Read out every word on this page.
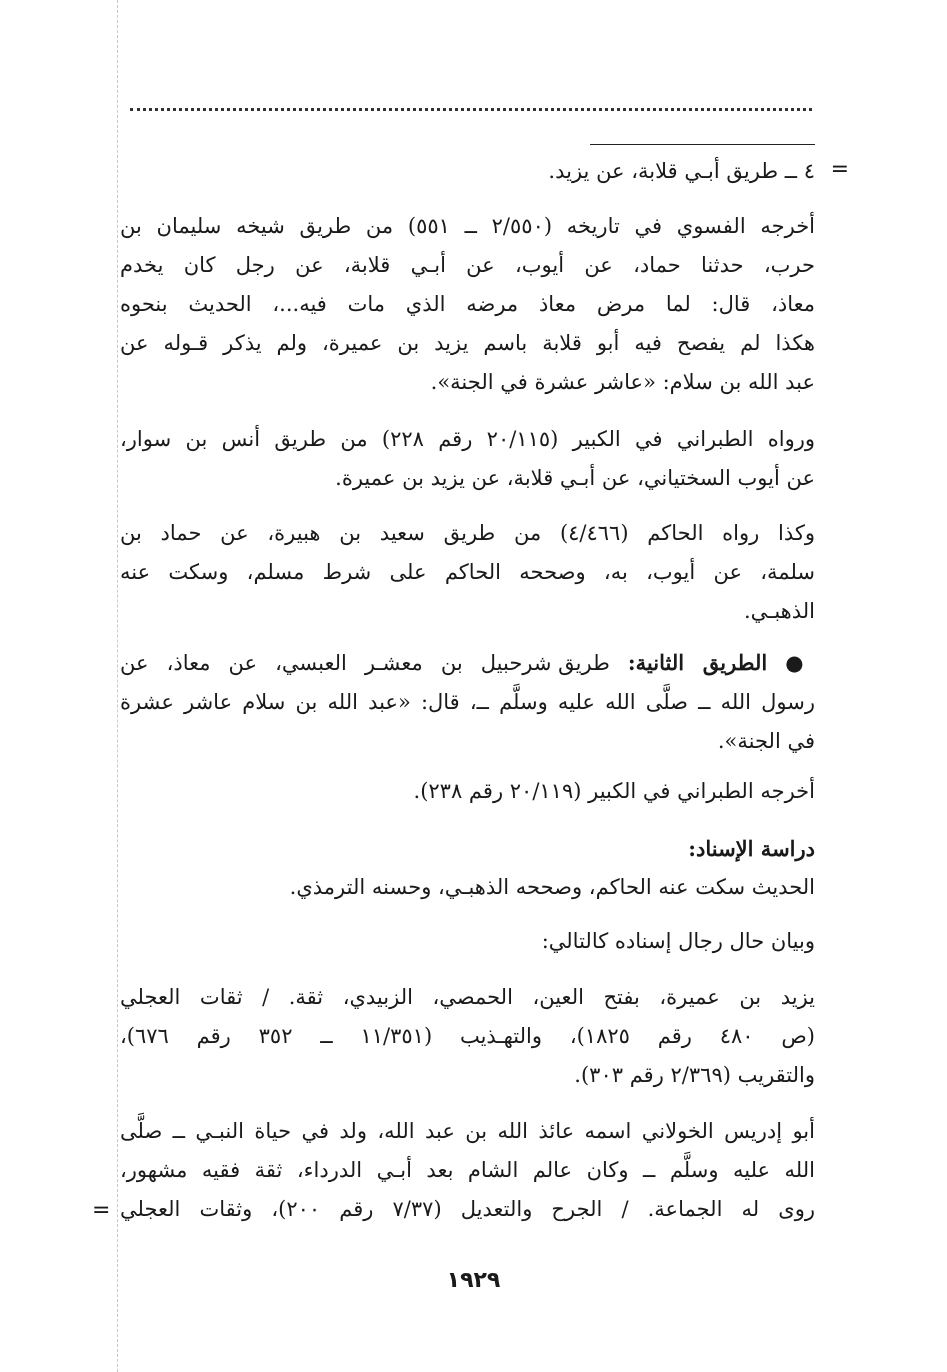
=
=

٤ ــ طريق أبـي قلابة، عن يزيد.

أخرجه الفسوي في تاريخه (٢/٥٥٠ ــ ٥٥١) من طريق شيخه سليمان بن
حرب، حدثنا حماد، عن أيوب، عن أبـي قلابة، عن رجل كان يخدم
معاذ، قال: لما مرض معاذ مرضه الذي مات فيه...، الحديث بنحوه
هكذا لم يفصح فيه أبو قلابة باسم يزيد بن عميرة، ولم يذكر قـوله عن
عبد الله بن سلام: «عاشر عشرة في الجنة».

ورواه الطبراني في الكبير (٢٠/١١٥ رقم ٢٢٨) من طريق أنس بن سوار،
عن أيوب السختياني، عن أبـي قلابة، عن يزيد بن عميرة.

وكذا رواه الحاكم (٤/٤٦٦) من طريق سعيد بن هبيرة، عن حماد بن
سلمة، عن أيوب، به، وصححه الحاكم على شرط مسلم، وسكت عنه
الذهبـي.

● الطريق الثانية: طريق شرحبيل بن معشـر العبسي، عن معاذ، عن
رسول الله ــ صلَّى الله عليه وسلَّم ــ، قال: «عبد الله بن سلام عاشر عشرة
في الجنة».

أخرجه الطبراني في الكبير (٢٠/١١٩ رقم ٢٣٨).

دراسة الإسناد:
الحديث سكت عنه الحاكم، وصححه الذهبـي، وحسنه الترمذي.

وبيان حال رجال إسناده كالتالي:

يزيد بن عميرة، بفتح العين، الحمصي، الزبيدي، ثقة. / ثقات العجلي
(ص ٤٨٠ رقم ١٨٢٥)، والتهـذيب (١١/٣٥١ ــ ٣٥٢ رقم ٦٧٦)،
والتقريب (٢/٣٦٩ رقم ٣٠٣).

أبو إدريس الخولاني اسمه عائذ الله بن عبد الله، ولد في حياة النبـي ــ صلَّى
الله عليه وسلَّم ــ وكان عالم الشام بعد أبـي الدرداء، ثقة فقيه مشهور،
روى له الجماعة. / الجرح والتعديل (٧/٣٧ رقم ٢٠٠)، وثقات العجلي

١٩٢٩
